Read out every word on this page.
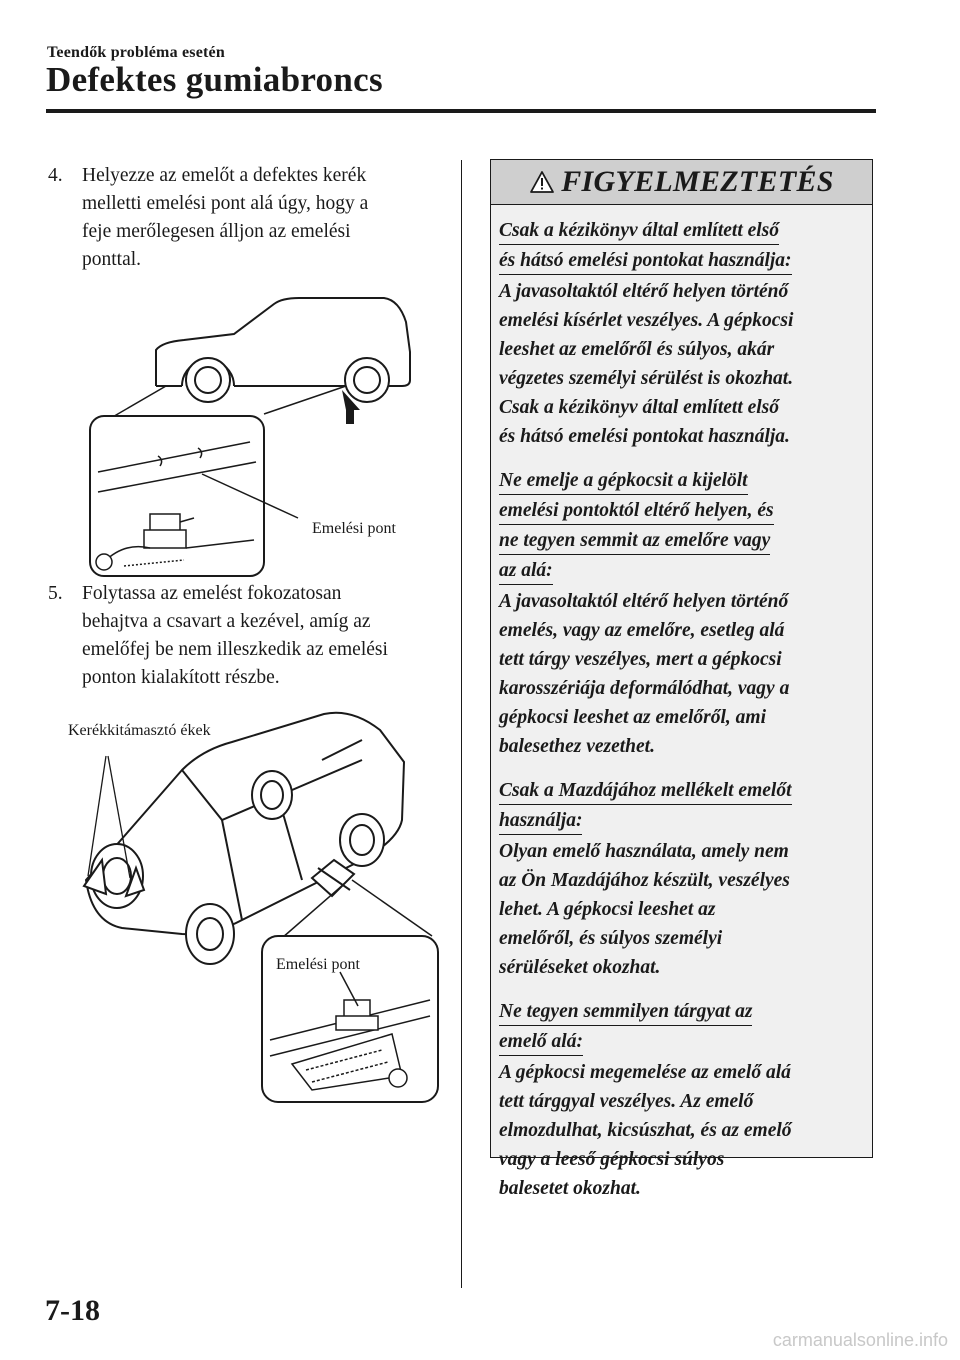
Teendők probléma esetén
Defektes gumiabroncs
4. Helyezze az emelőt a defektes kerék
melletti emelési pont alá úgy, hogy a
feje merőlegesen álljon az emelési
ponttal.
Emelési pont
5. Folytassa az emelést fokozatosan
behajtva a csavart a kezével, amíg az
emelőfej be nem illeszkedik az emelési
ponton kialakított részbe.
Kerékkitámasztó ékek
Emelési pont
FIGYELMEZTETÉS
Csak a kézikönyv által említett első
és hátsó emelési pontokat használja:
A javasoltaktól eltérő helyen történő
emelési kísérlet veszélyes. A gépkocsi
leeshet az emelőről és súlyos, akár
végzetes személyi sérülést is okozhat.
Csak a kézikönyv által említett első
és hátsó emelési pontokat használja.
Ne emelje a gépkocsit a kijelölt
emelési pontoktól eltérő helyen, és
ne tegyen semmit az emelőre vagy
az alá:
A javasoltaktól eltérő helyen történő
emelés, vagy az emelőre, esetleg alá
tett tárgy veszélyes, mert a gépkocsi
karosszériája deformálódhat, vagy a
gépkocsi leeshet az emelőről, ami
balesethez vezethet.
Csak a Mazdájához mellékelt emelőt
használja:
Olyan emelő használata, amely nem
az Ön Mazdájához készült, veszélyes
lehet. A gépkocsi leeshet az
emelőről, és súlyos személyi
sérüléseket okozhat.
Ne tegyen semmilyen tárgyat az
emelő alá:
A gépkocsi megemelése az emelő alá
tett tárggyal veszélyes. Az emelő
elmozdulhat, kicsúszhat, és az emelő
vagy a leeső gépkocsi súlyos
balesetet okozhat.
7-18
carmanualsonline.info
